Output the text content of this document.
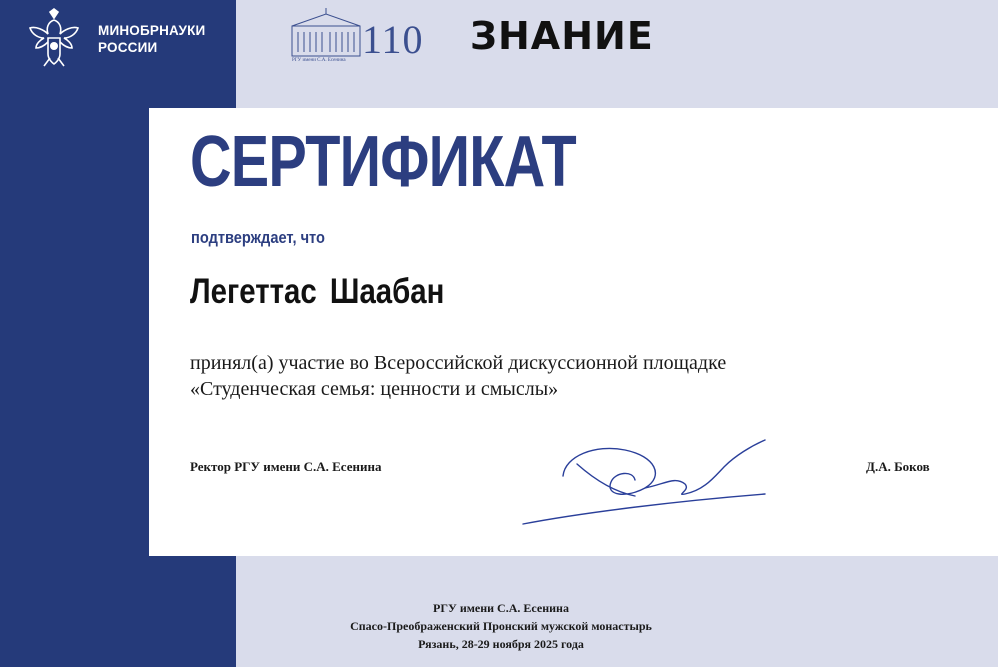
МИНОБРНАУКИ
РОССИИ	110
РГУ имени С.А. Есенина
ЗНАНИЕ
СЕРТИФИКАТ
подтверждает, что
Легеттас Шаабан
принял(а) участие во Всероссийской дискуссионной площадке
«Студенческая семья: ценности и смыслы»
Ректор РГУ имени С.А. Есенина	Д.А. Боков
РГУ имени С.А. Есенина
Спасо-Преображенский Пронский мужской монастырь
Рязань, 28-29 ноября 2025 года
